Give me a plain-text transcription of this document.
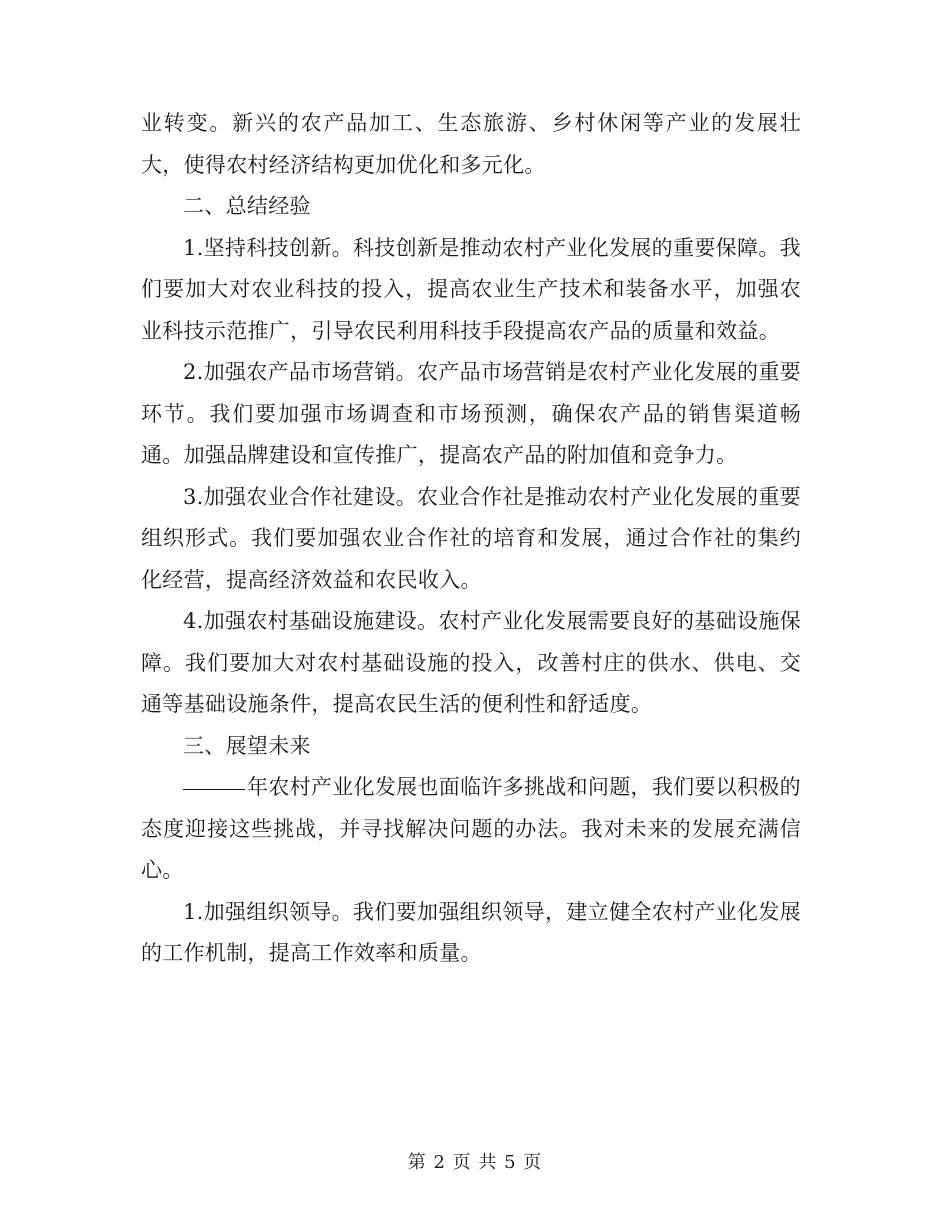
业转变。新兴的农产品加工、生态旅游、乡村休闲等产业的发展壮大，使得农村经济结构更加优化和多元化。

二、总结经验

1.坚持科技创新。科技创新是推动农村产业化发展的重要保障。我们要加大对农业科技的投入，提高农业生产技术和装备水平，加强农业科技示范推广，引导农民利用科技手段提高农产品的质量和效益。

2.加强农产品市场营销。农产品市场营销是农村产业化发展的重要环节。我们要加强市场调查和市场预测，确保农产品的销售渠道畅通。加强品牌建设和宣传推广，提高农产品的附加值和竞争力。

3.加强农业合作社建设。农业合作社是推动农村产业化发展的重要组织形式。我们要加强农业合作社的培育和发展，通过合作社的集约化经营，提高经济效益和农民收入。

4.加强农村基础设施建设。农村产业化发展需要良好的基础设施保障。我们要加大对农村基础设施的投入，改善村庄的供水、供电、交通等基础设施条件，提高农民生活的便利性和舒适度。

三、展望未来

年农村产业化发展也面临许多挑战和问题，我们要以积极的态度迎接这些挑战，并寻找解决问题的办法。我对未来的发展充满信心。

1.加强组织领导。我们要加强组织领导，建立健全农村产业化发展的工作机制，提高工作效率和质量。

第 2 页 共 5 页
